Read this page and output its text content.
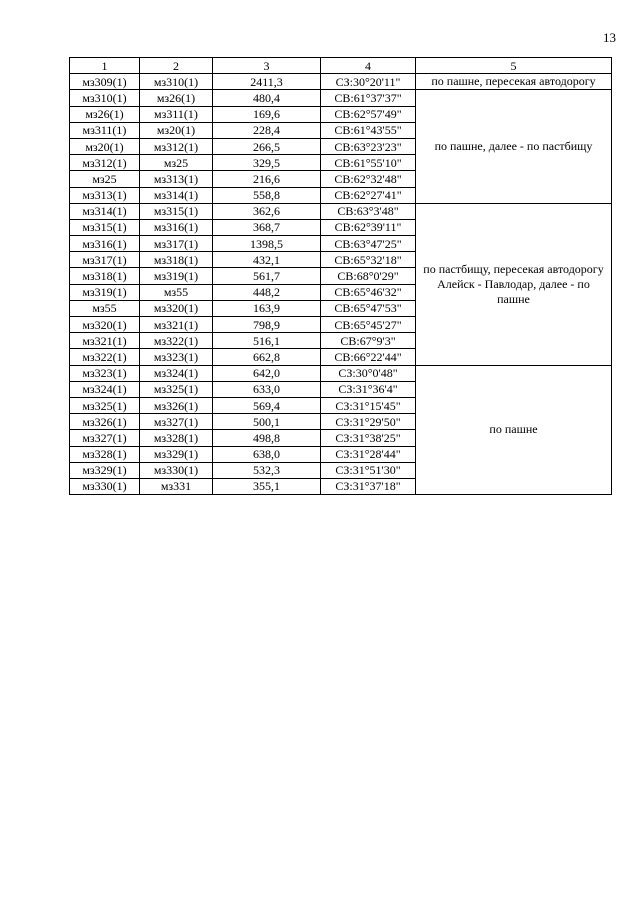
13
1	2	3	4	5
мз309(1)	мз310(1)	2411,3	СЗ:30°20'11"	по пашне, пересекая автодорогу
мз310(1)	мз26(1)	480,4	СВ:61°37'37"	по пашне, далее - по пастбищу
мз26(1)	мз311(1)	169,6	СВ:62°57'49"	
мз311(1)	мз20(1)	228,4	СВ:61°43'55"	
мз20(1)	мз312(1)	266,5	СВ:63°23'23"	
мз312(1)	мз25	329,5	СВ:61°55'10"	
мз25	мз313(1)	216,6	СВ:62°32'48"	
мз313(1)	мз314(1)	558,8	СВ:62°27'41"	
мз314(1)	мз315(1)	362,6	СВ:63°3'48"	по пастбищу, пересекая автодорогу Алейск - Павлодар, далее - по пашне
мз315(1)	мз316(1)	368,7	СВ:62°39'11"	
мз316(1)	мз317(1)	1398,5	СВ:63°47'25"	
мз317(1)	мз318(1)	432,1	СВ:65°32'18"	
мз318(1)	мз319(1)	561,7	СВ:68°0'29"	
мз319(1)	мз55	448,2	СВ:65°46'32"	
мз55	мз320(1)	163,9	СВ:65°47'53"	
мз320(1)	мз321(1)	798,9	СВ:65°45'27"	
мз321(1)	мз322(1)	516,1	СВ:67°9'3"	
мз322(1)	мз323(1)	662,8	СВ:66°22'44"	
мз323(1)	мз324(1)	642,0	СЗ:30°0'48"	по пашне
мз324(1)	мз325(1)	633,0	СЗ:31°36'4"	
мз325(1)	мз326(1)	569,4	СЗ:31°15'45"	
мз326(1)	мз327(1)	500,1	СЗ:31°29'50"	
мз327(1)	мз328(1)	498,8	СЗ:31°38'25"	
мз328(1)	мз329(1)	638,0	СЗ:31°28'44"	
мз329(1)	мз330(1)	532,3	СЗ:31°51'30"	
мз330(1)	мз331	355,1	СЗ:31°37'18"	
